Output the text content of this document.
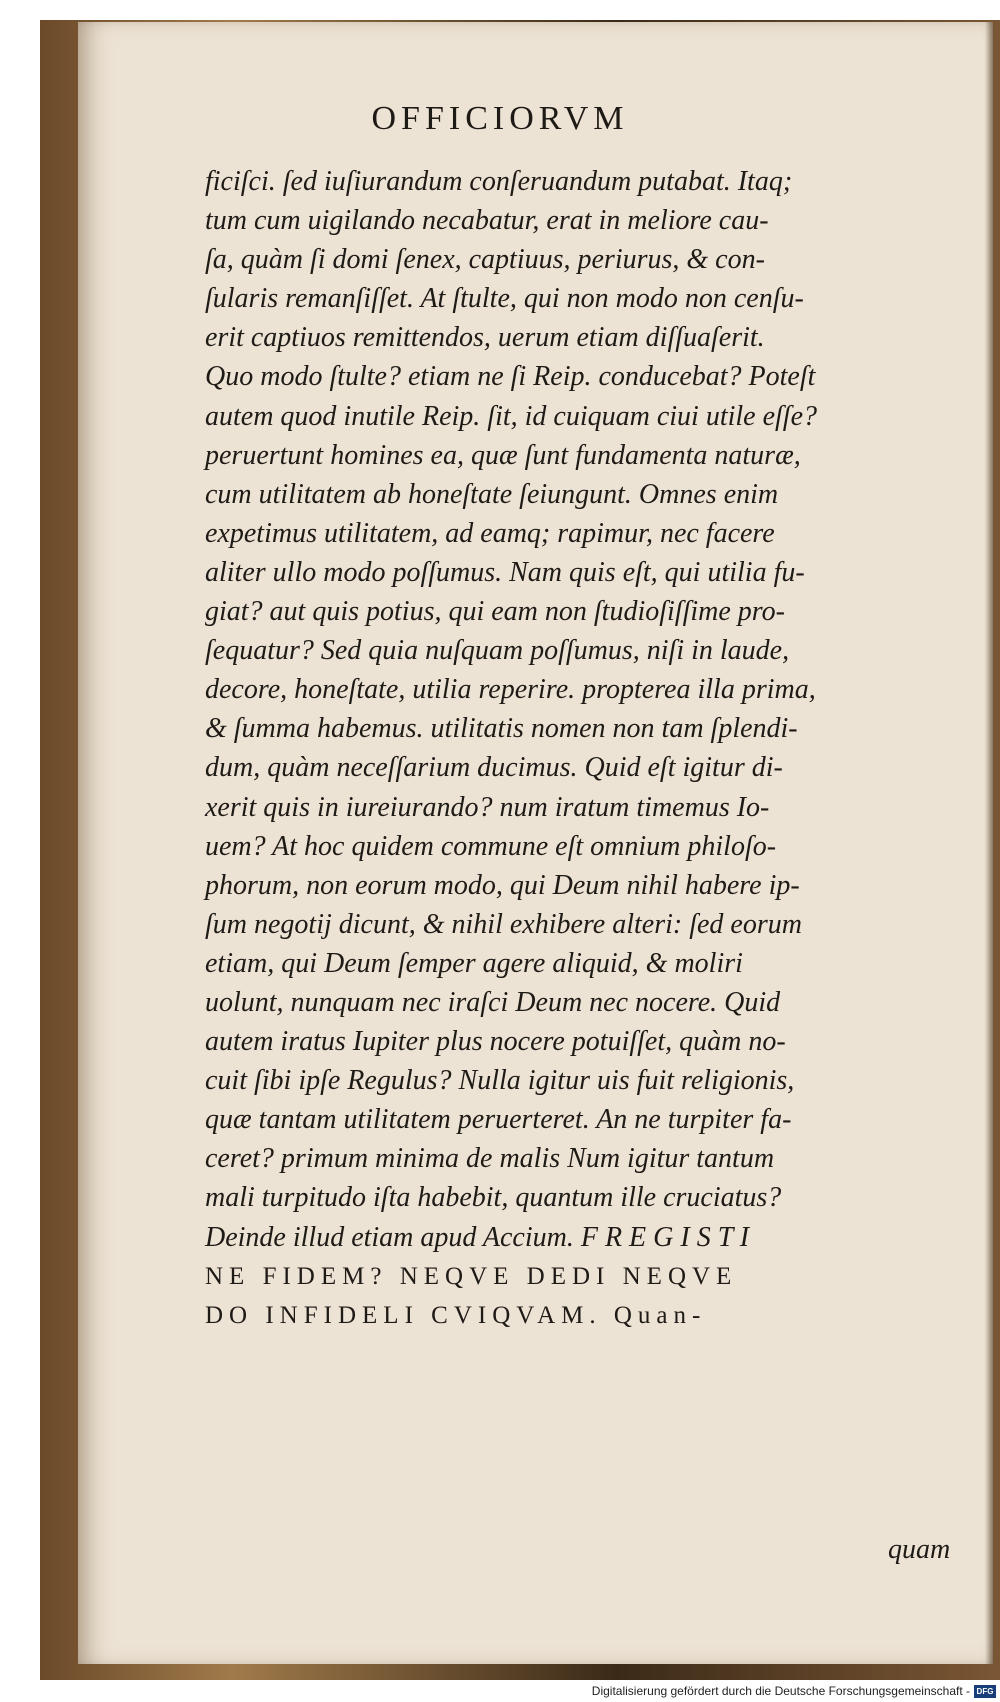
OFFICIORVM
ficiſci. ſed iuſiurandum conſeruandum putabat. Itaq;
tum cum uigilando necabatur, erat in meliore cau-
ſa, quàm ſi domi ſenex, captiuus, periurus, & con-
ſularis remanſiſſet. At ſtulte, qui non modo non cenſu-
erit captiuos remittendos, uerum etiam diſſuaſerit.
Quo modo ſtulte? etiam ne ſi Reip. conducebat? Poteſt
autem quod inutile Reip. ſit, id cuiquam ciui utile eſſe?
peruertunt homines ea, quæ ſunt fundamenta naturæ,
cum utilitatem ab honeſtate ſeiungunt. Omnes enim
expetimus utilitatem, ad eamq; rapimur, nec facere
aliter ullo modo poſſumus. Nam quis eſt, qui utilia fu-
giat? aut quis potius, qui eam non ſtudioſiſſime pro-
ſequatur? Sed quia nuſquam poſſumus, niſi in laude,
decore, honeſtate, utilia reperire. propterea illa prima,
& ſumma habemus. utilitatis nomen non tam ſplendi-
dum, quàm neceſſarium ducimus. Quid eſt igitur di-
xerit quis in iureiurando? num iratum timemus Io-
uem? At hoc quidem commune eſt omnium philoſo-
phorum, non eorum modo, qui Deum nihil habere ip-
ſum negotij dicunt, & nihil exhibere alteri: ſed eorum
etiam, qui Deum ſemper agere aliquid, & moliri
uolunt, nunquam nec iraſci Deum nec nocere. Quid
autem iratus Iupiter plus nocere potuiſſet, quàm no-
cuit ſibi ipſe Regulus? Nulla igitur uis fuit religionis,
quæ tantam utilitatem peruerteret. An ne turpiter fa-
ceret? primum minima de malis Num igitur tantum
mali turpitudo iſta habebit, quantum ille cruciatus?
Deinde illud etiam apud Accium. F R E G I S T I
NE FIDEM? NEQVE DEDI NEQVE
DO INFIDELI CVIQVAM. Quan-
quam
Digitalisierung gefördert durch die Deutsche Forschungsgemeinschaft - DFG
